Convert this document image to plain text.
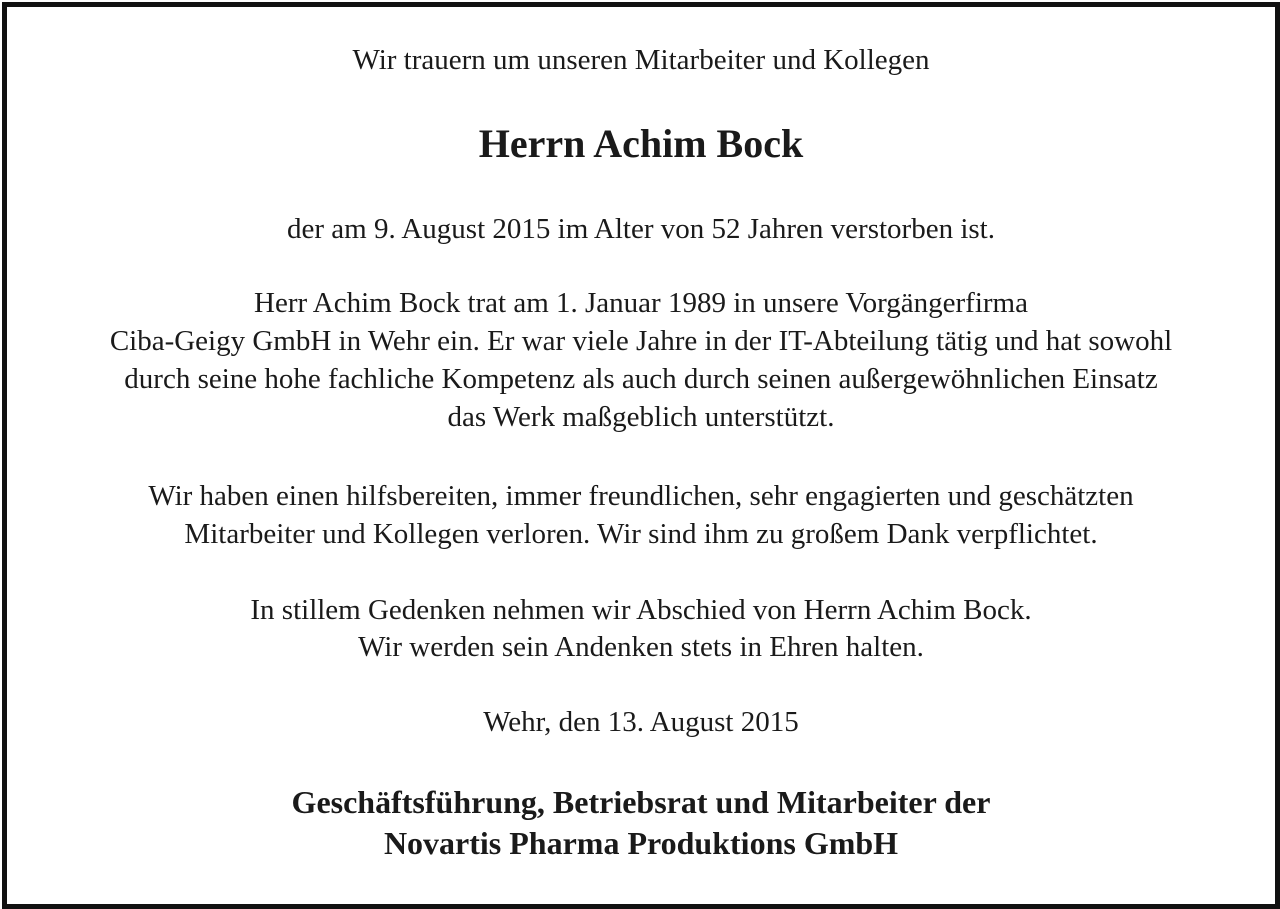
Wir trauern um unseren Mitarbeiter und Kollegen
Herrn Achim Bock
der am 9. August 2015 im Alter von 52 Jahren verstorben ist.
Herr Achim Bock trat am 1. Januar 1989 in unsere Vorgängerfirma
Ciba-Geigy GmbH in Wehr ein. Er war viele Jahre in der IT-Abteilung tätig und hat sowohl
durch seine hohe fachliche Kompetenz als auch durch seinen außergewöhnlichen Einsatz
das Werk maßgeblich unterstützt.
Wir haben einen hilfsbereiten, immer freundlichen, sehr engagierten und geschätzten
Mitarbeiter und Kollegen verloren. Wir sind ihm zu großem Dank verpflichtet.
In stillem Gedenken nehmen wir Abschied von Herrn Achim Bock.
Wir werden sein Andenken stets in Ehren halten.
Wehr, den 13. August 2015
Geschäftsführung, Betriebsrat und Mitarbeiter der
Novartis Pharma Produktions GmbH
